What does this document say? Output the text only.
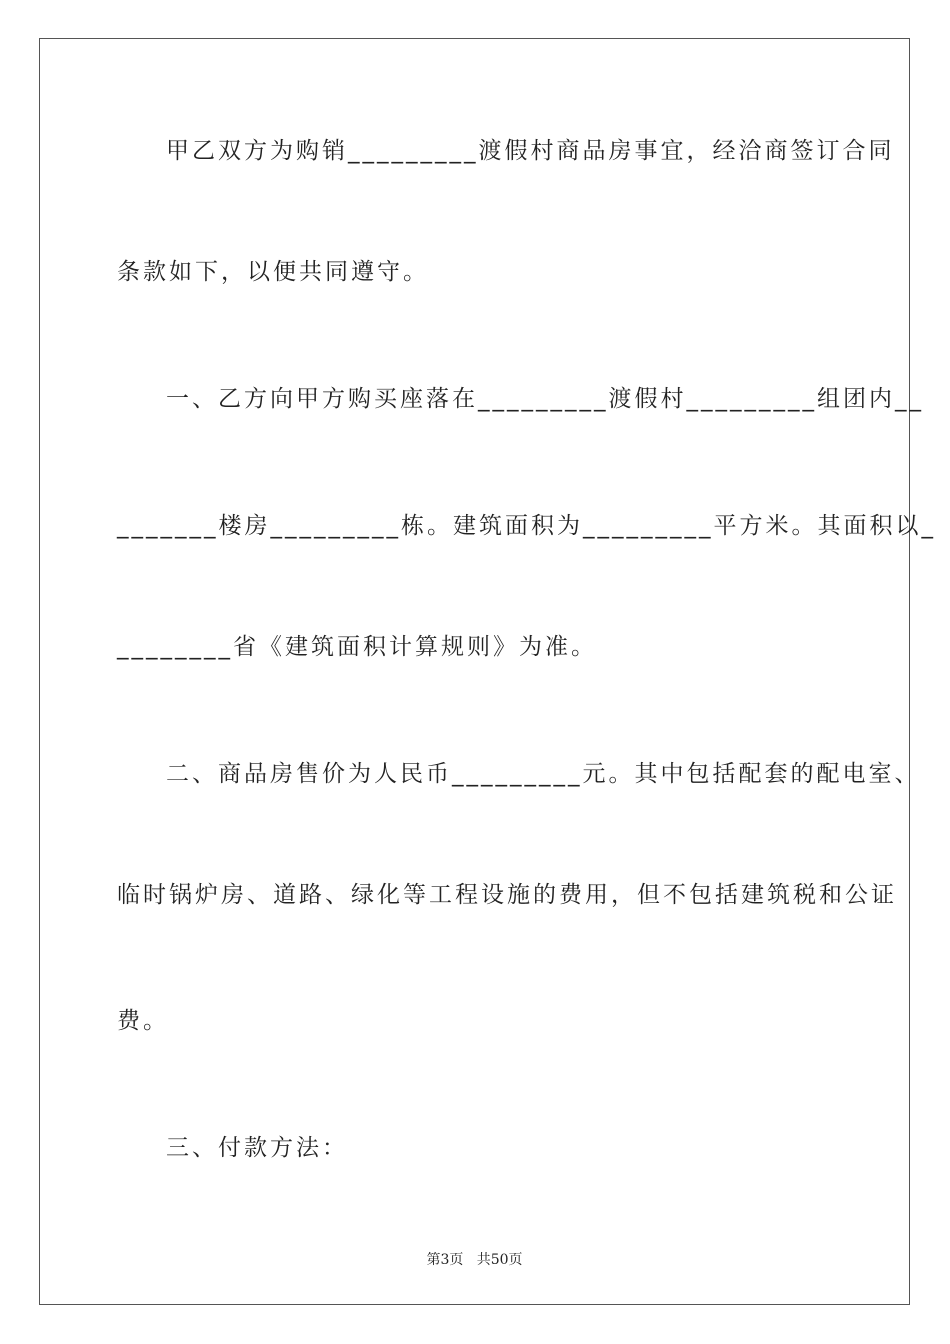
甲乙双方为购销_________渡假村商品房事宜，经洽商签订合同
条款如下，以便共同遵守。
一、乙方向甲方购买座落在_________渡假村_________组团内__
_______楼房_________栋。建筑面积为_________平方米。其面积以_
________省《建筑面积计算规则》为准。
二、商品房售价为人民币_________元。其中包括配套的配电室、
临时锅炉房、道路、绿化等工程设施的费用，但不包括建筑税和公证
费。
三、付款方法：
第3页   共50页
